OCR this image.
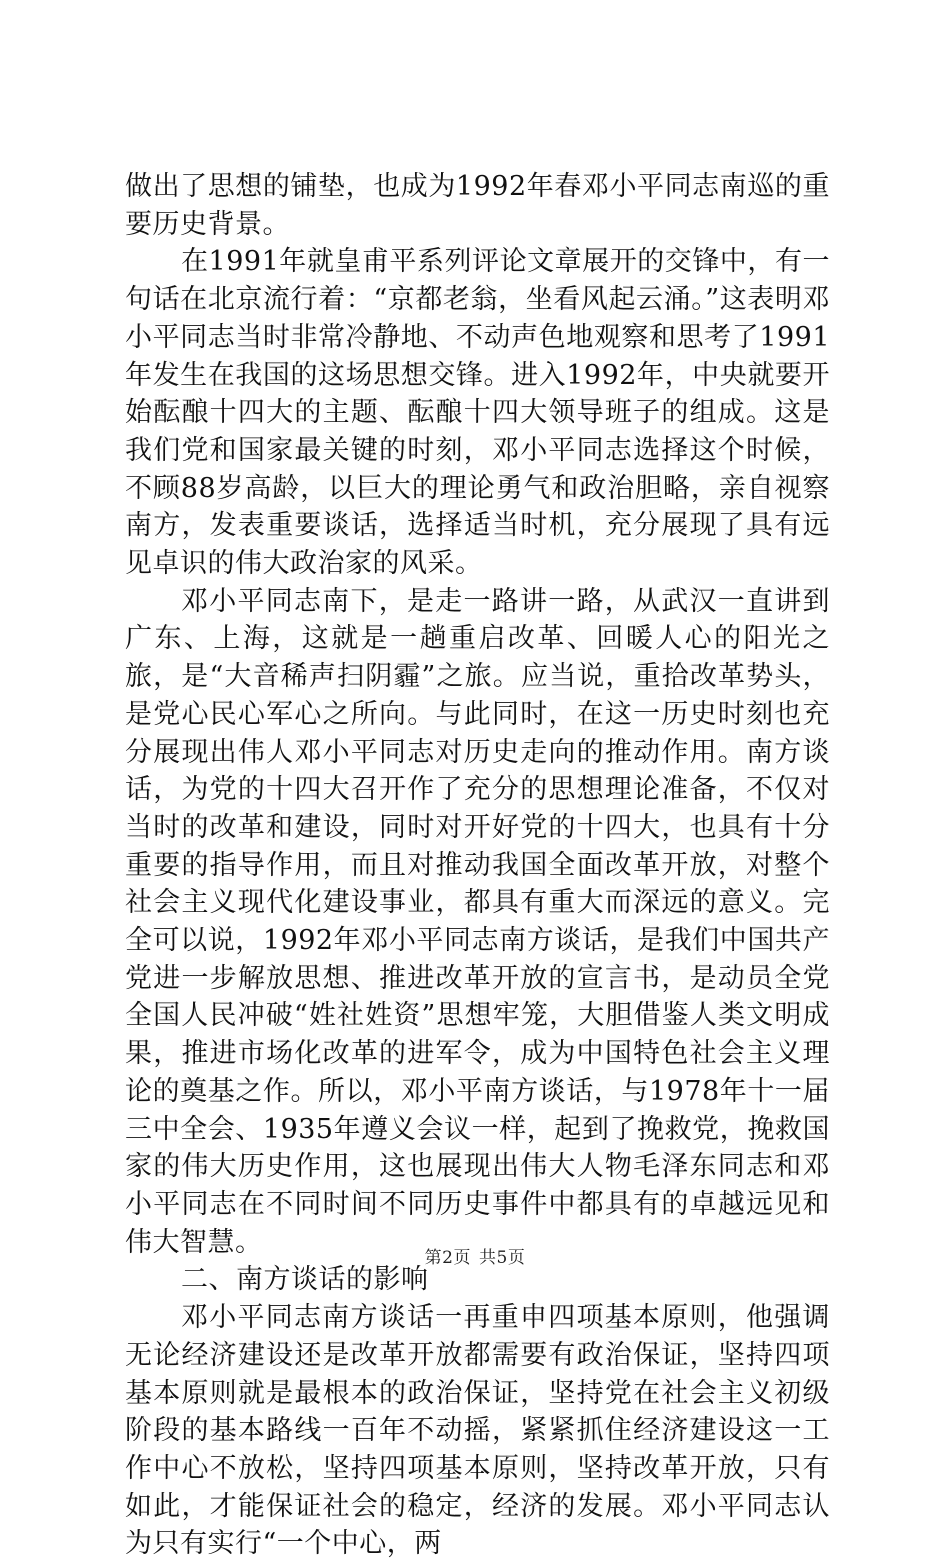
做出了思想的铺垫，也成为1992年春邓小平同志南巡的重要历史背景。

在1991年就皇甫平系列评论文章展开的交锋中，有一句话在北京流行着：“京都老翁，坐看风起云涌。”这表明邓小平同志当时非常冷静地、不动声色地观察和思考了1991年发生在我国的这场思想交锋。进入1992年，中央就要开始酝酿十四大的主题、酝酿十四大领导班子的组成。这是我们党和国家最关键的时刻，邓小平同志选择这个时候，不顾88岁高龄，以巨大的理论勇气和政治胆略，亲自视察南方，发表重要谈话，选择适当时机，充分展现了具有远见卓识的伟大政治家的风采。

邓小平同志南下，是走一路讲一路，从武汉一直讲到广东、上海，这就是一趟重启改革、回暖人心的阳光之旅，是“大音稀声扫阴霾”之旅。应当说，重拾改革势头，是党心民心军心之所向。与此同时，在这一历史时刻也充分展现出伟人邓小平同志对历史走向的推动作用。南方谈话，为党的十四大召开作了充分的思想理论准备，不仅对当时的改革和建设，同时对开好党的十四大，也具有十分重要的指导作用，而且对推动我国全面改革开放，对整个社会主义现代化建设事业，都具有重大而深远的意义。完全可以说，1992年邓小平同志南方谈话，是我们中国共产党进一步解放思想、推进改革开放的宣言书，是动员全党全国人民冲破“姓社姓资”思想牢笼，大胆借鉴人类文明成果，推进市场化改革的进军令，成为中国特色社会主义理论的奠基之作。所以，邓小平南方谈话，与1978年十一届三中全会、1935年遵义会议一样，起到了挽救党，挽救国家的伟大历史作用，这也展现出伟大人物毛泽东同志和邓小平同志在不同时间不同历史事件中都具有的卓越远见和伟大智慧。

二、南方谈话的影响

邓小平同志南方谈话一再重申四项基本原则，他强调无论经济建设还是改革开放都需要有政治保证，坚持四项基本原则就是最根本的政治保证，坚持党在社会主义初级阶段的基本路线一百年不动摇，紧紧抓住经济建设这一工作中心不放松，坚持四项基本原则，坚持改革开放，只有如此，才能保证社会的稳定，经济的发展。邓小平同志认为只有实行“一个中心，两

第2页 共5页
